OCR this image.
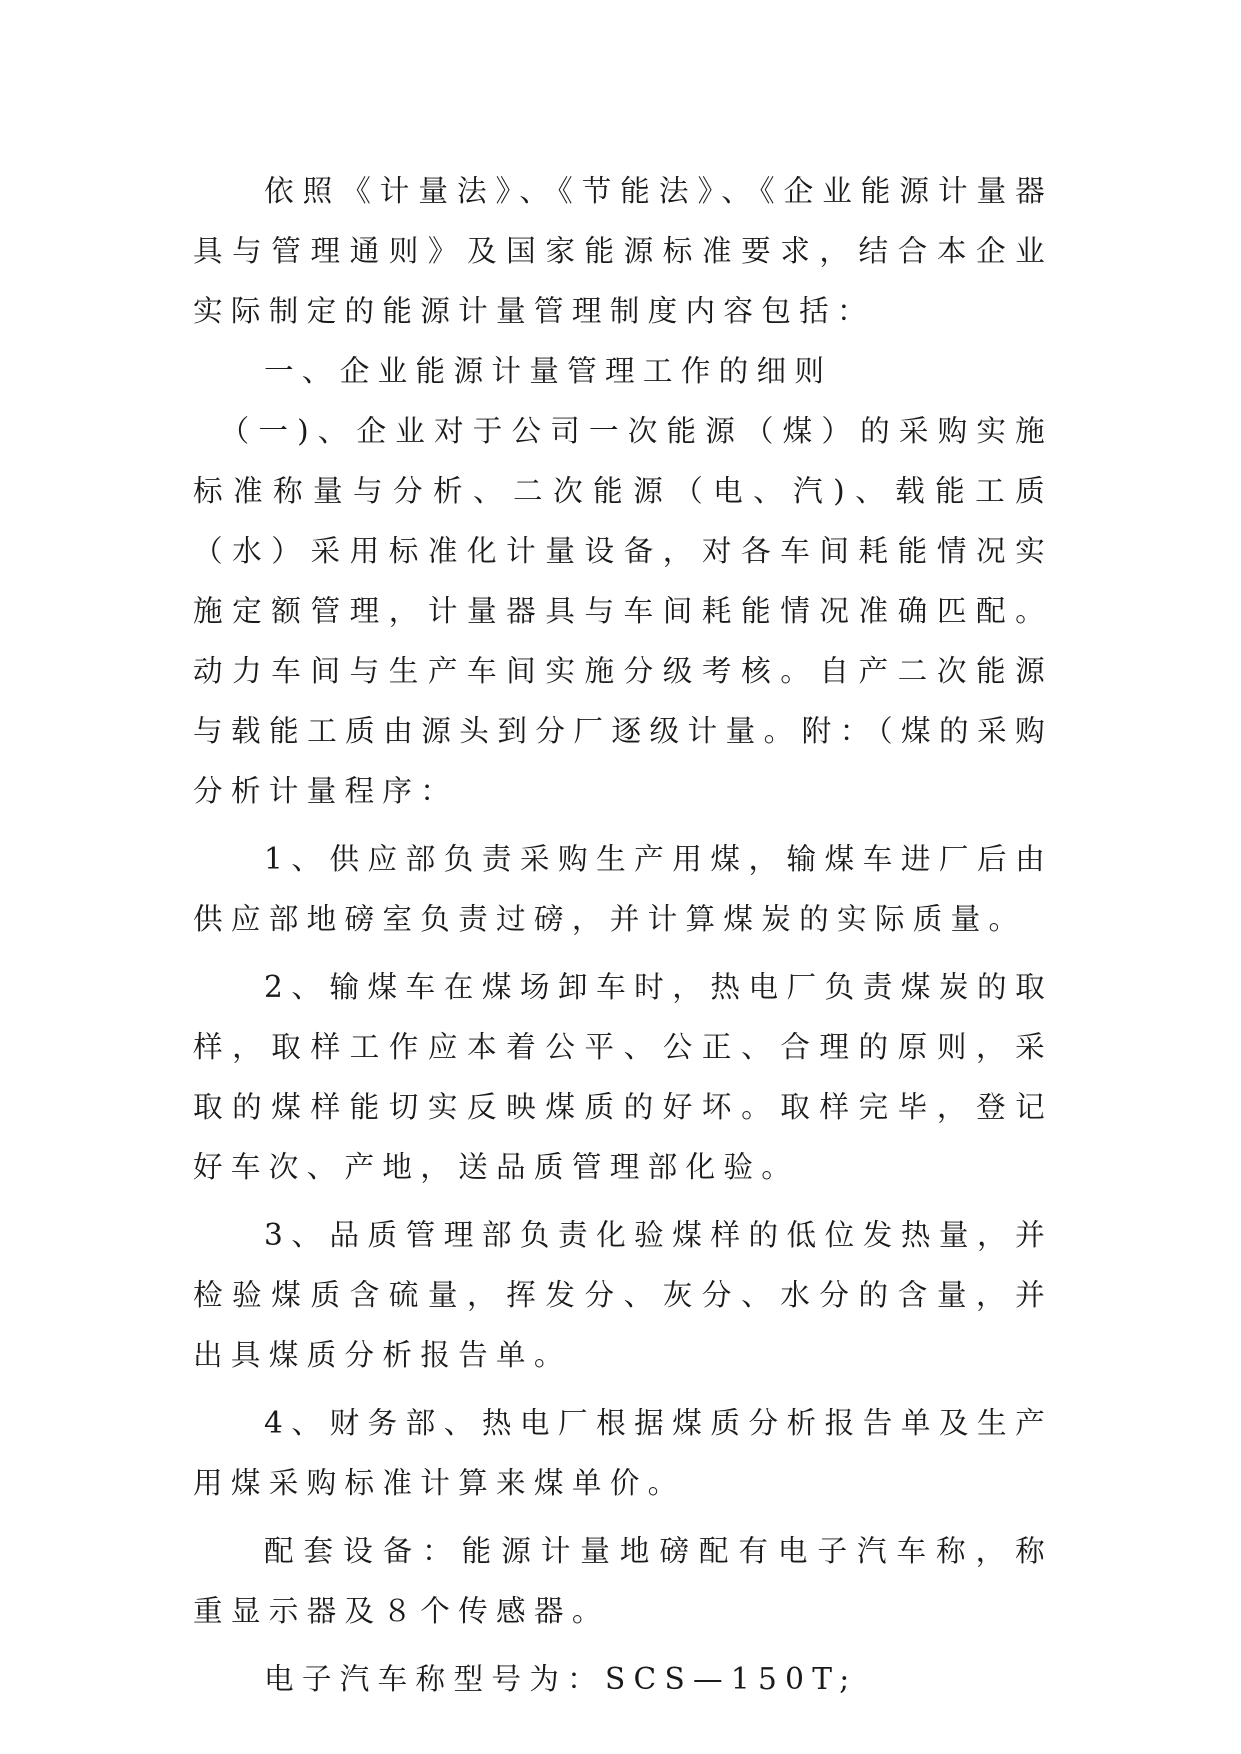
依照《计量法》、《节能法》、《企业能源计量器具与管理通则》及国家能源标准要求，结合本企业实际制定的能源计量管理制度内容包括：

一、企业能源计量管理工作的细则

（一)、企业对于公司一次能源（煤）的采购实施标准称量与分析、二次能源（电、汽)、载能工质（水）采用标准化计量设备，对各车间耗能情况实施定额管理，计量器具与车间耗能情况准确匹配。动力车间与生产车间实施分级考核。自产二次能源与载能工质由源头到分厂逐级计量。附：（煤的采购分析计量程序：

1、供应部负责采购生产用煤，输煤车进厂后由供应部地磅室负责过磅，并计算煤炭的实际质量。

2、输煤车在煤场卸车时，热电厂负责煤炭的取样，取样工作应本着公平、公正、合理的原则，采取的煤样能切实反映煤质的好坏。取样完毕，登记好车次、产地，送品质管理部化验。

3、品质管理部负责化验煤样的低位发热量，并检验煤质含硫量，挥发分、灰分、水分的含量，并出具煤质分析报告单。

4、财务部、热电厂根据煤质分析报告单及生产用煤采购标准计算来煤单价。

配套设备：能源计量地磅配有电子汽车称，称重显示器及８个传感器。

电子汽车称型号为：SCS—150T;
